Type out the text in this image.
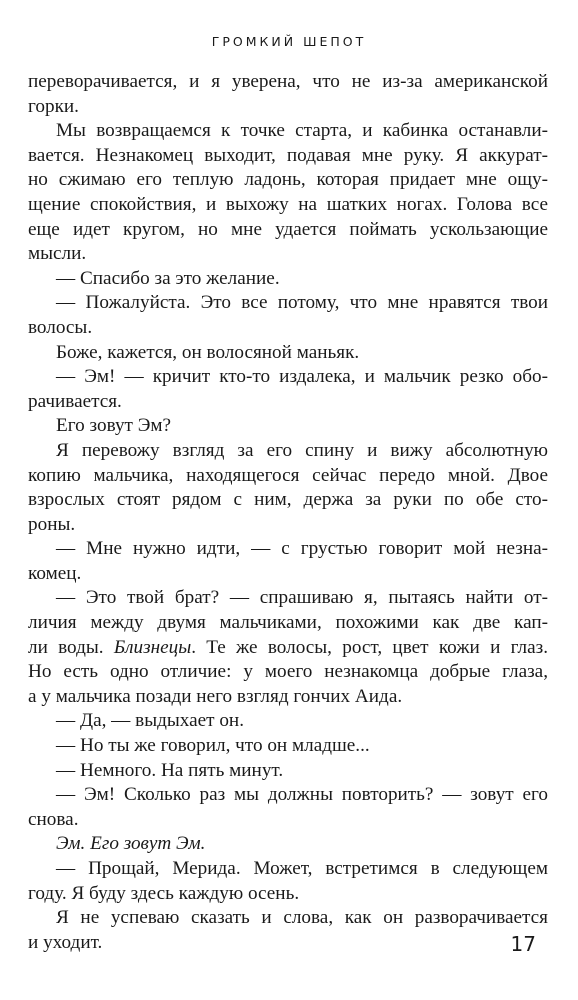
ГРОМКИЙ ШЕПОТ
переворачивается, и я уверена, что не из-за американской
горки.
Мы возвращаемся к точке старта, и кабинка останавли-
вается. Незнакомец выходит, подавая мне руку. Я аккурат-
но сжимаю его теплую ладонь, которая придает мне ощу-
щение спокойствия, и выхожу на шатких ногах. Голова все
еще идет кругом, но мне удается поймать ускользающие
мысли.
— Спасибо за это желание.
— Пожалуйста. Это все потому, что мне нравятся твои
волосы.
Боже, кажется, он волосяной маньяк.
— Эм! — кричит кто-то издалека, и мальчик резко обо-
рачивается.
Его зовут Эм?
Я перевожу взгляд за его спину и вижу абсолютную
копию мальчика, находящегося сейчас передо мной. Двое
взрослых стоят рядом с ним, держа за руки по обе сто-
роны.
— Мне нужно идти, — с грустью говорит мой незна-
комец.
— Это твой брат? — спрашиваю я, пытаясь найти от-
личия между двумя мальчиками, похожими как две кап-
ли воды. Близнецы. Те же волосы, рост, цвет кожи и глаз.
Но есть одно отличие: у моего незнакомца добрые глаза,
а у мальчика позади него взгляд гончих Аида.
— Да, — выдыхает он.
— Но ты же говорил, что он младше...
— Немного. На пять минут.
— Эм! Сколько раз мы должны повторить? — зовут его
снова.
Эм. Его зовут Эм.
— Прощай, Мерида. Может, встретимся в следующем
году. Я буду здесь каждую осень.
Я не успеваю сказать и слова, как он разворачивается
и уходит.	17
